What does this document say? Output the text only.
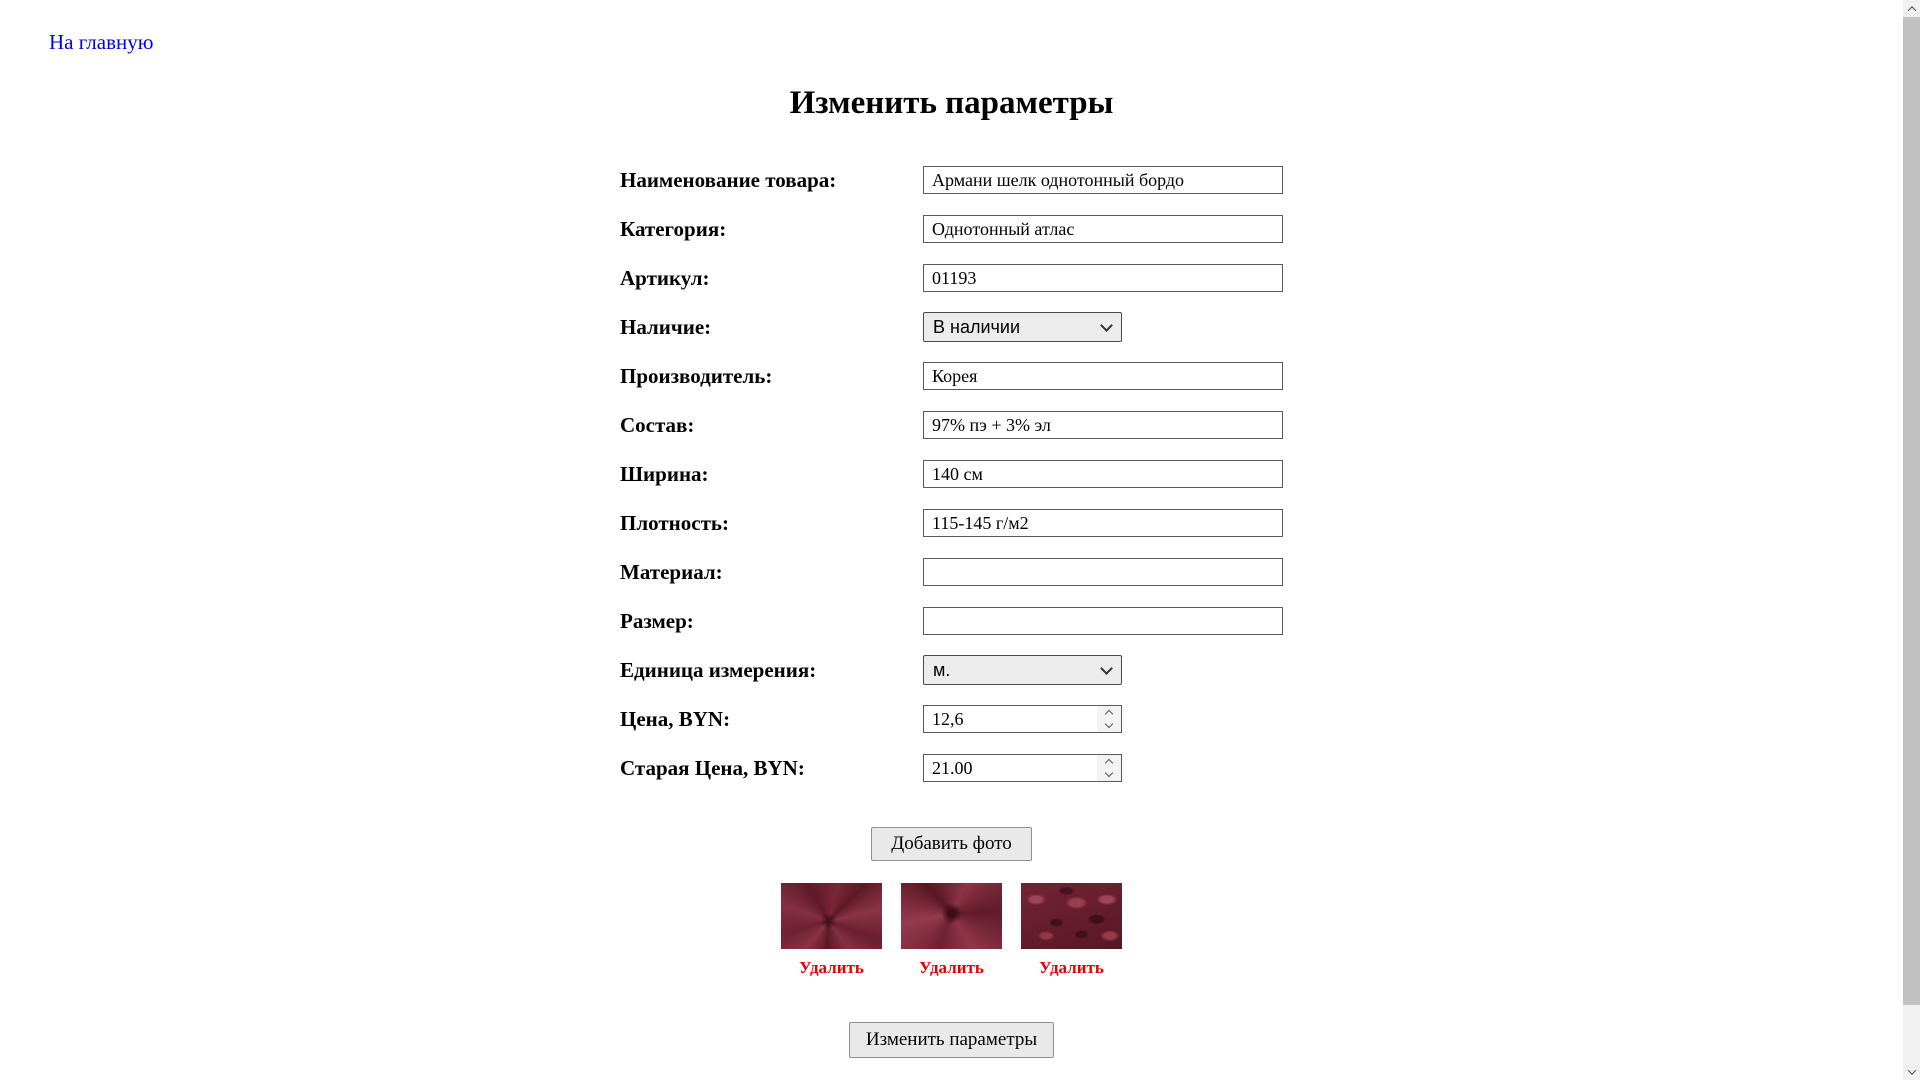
На главную
Изменить параметры
Наименование товара:
Армани шелк однотонный бордо
Категория:
Однотонный атлас
Артикул:
01193
Наличие:
В наличии
Производитель:
Корея
Состав:
97% пэ + 3% эл
Ширина:
140 см
Плотность:
115-145 г/м2
Материал:
Размер:
Единица измерения:
м.
Цена, BYN:
12,6
Старая Цена, BYN:
21.00
Добавить фото
Удалить	Удалить	Удалить
Изменить параметры
